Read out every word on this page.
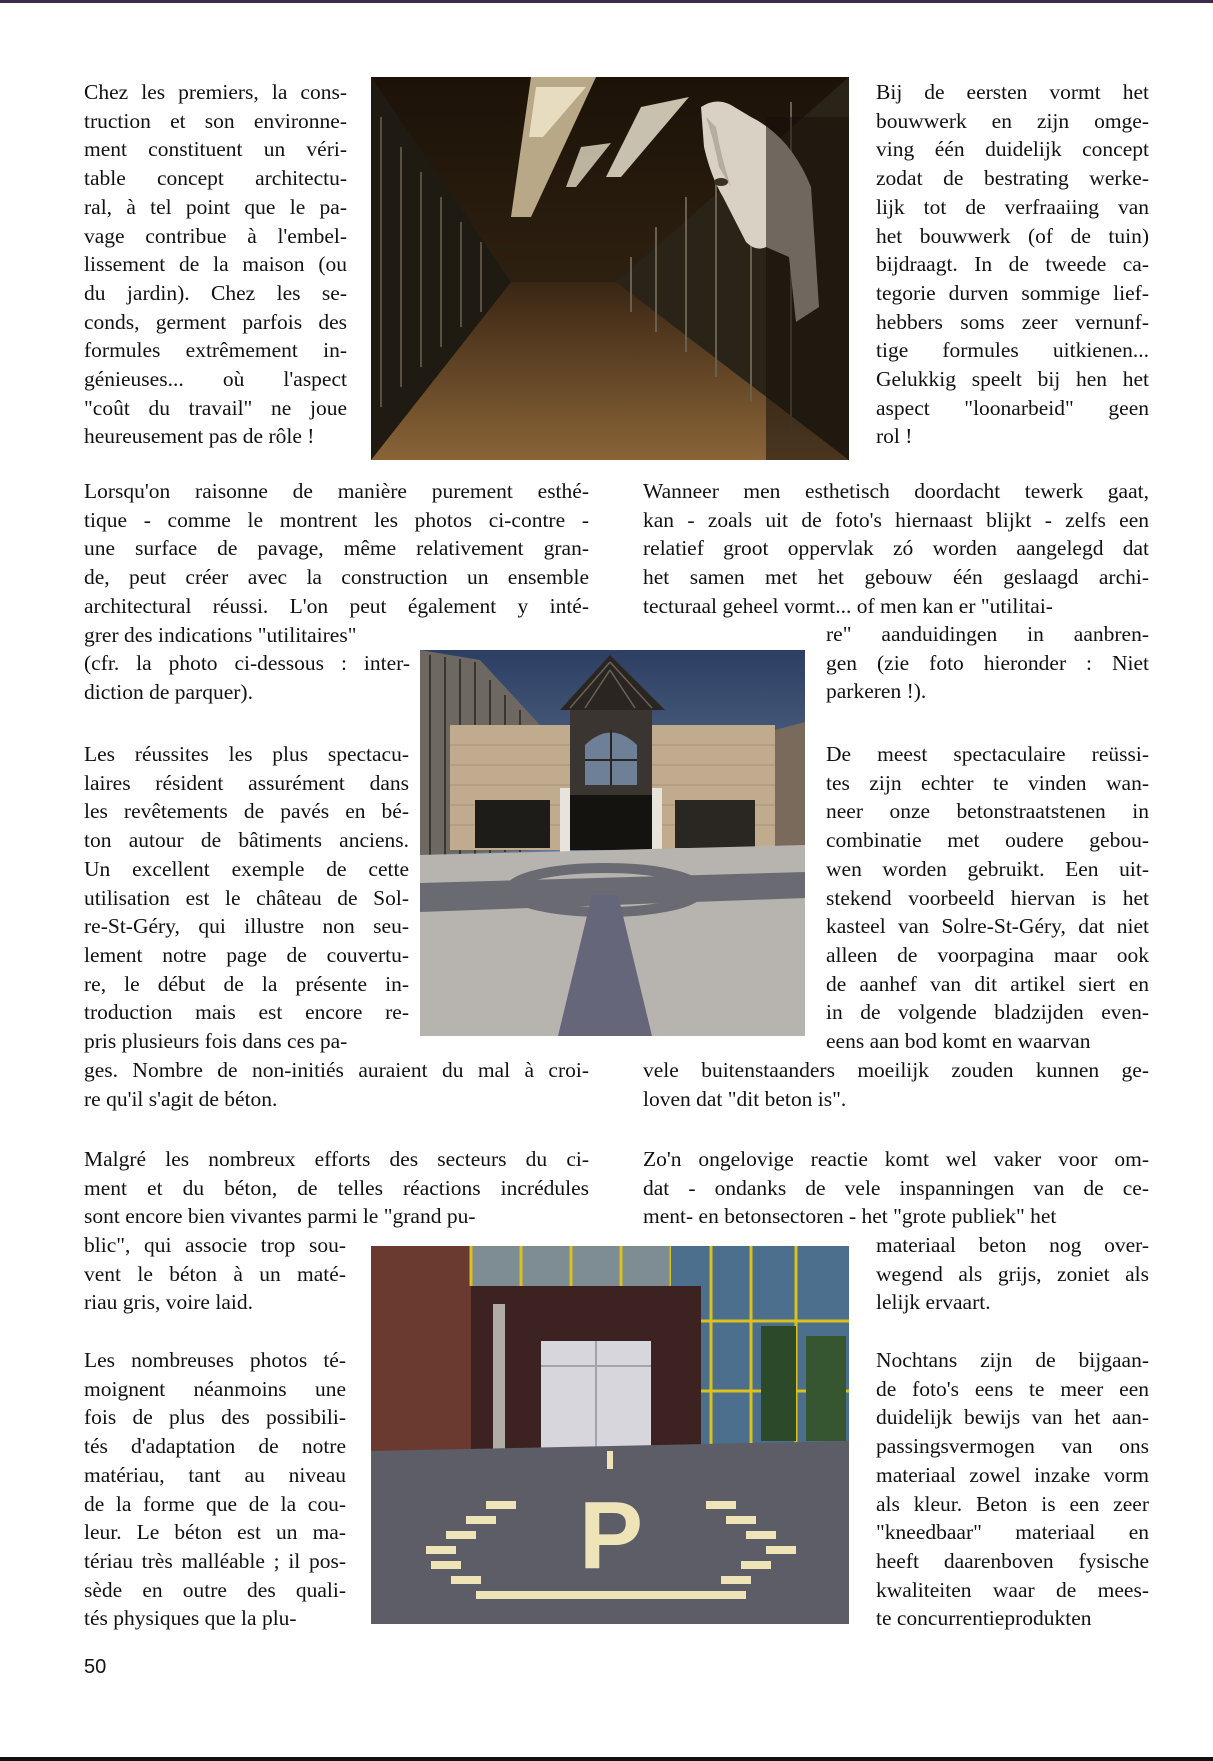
Chez les premiers, la cons-

truction et son environne-

ment constituent un véri-

table concept architectu-

ral, à tel point que le pa-

vage contribue à l'embel-

lissement de la maison (ou

du jardin). Chez les se-

conds, germent parfois des

formules extrêmement in-

génieuses... où l'aspect

"coût du travail" ne joue

heureusement pas de rôle !

Bij de eersten vormt het

bouwwerk en zijn omge-

ving één duidelijk concept

zodat de bestrating werke-

lijk tot de verfraaiing van

het bouwwerk (of de tuin)

bijdraagt. In de tweede ca-

tegorie durven sommige lief-

hebbers soms zeer vernunf-

tige formules uitkienen...

Gelukkig speelt bij hen het

aspect "loonarbeid" geen

rol !

Lorsqu'on raisonne de manière purement esthé-

tique - comme le montrent les photos ci-contre -

une surface de pavage, même relativement gran-

de, peut créer avec la construction un ensemble

architectural réussi. L'on peut également y inté-

grer des indications "utilitaires"

(cfr. la photo ci-dessous : inter-

diction de parquer).

Wanneer men esthetisch doordacht tewerk gaat,

kan - zoals uit de foto's hiernaast blijkt - zelfs een

relatief groot oppervlak zó worden aangelegd dat

het samen met het gebouw één geslaagd archi-

tecturaal geheel vormt... of men kan er "utilitai-

re" aanduidingen in aanbren-

gen (zie foto hieronder : Niet

parkeren !).

Les réussites les plus spectacu-

laires résident assurément dans

les revêtements de pavés en bé-

ton autour de bâtiments anciens.

Un excellent exemple de cette

utilisation est le château de Sol-

re-St-Géry, qui illustre non seu-

lement notre page de couvertu-

re, le début de la présente in-

troduction mais est encore re-

pris plusieurs fois dans ces pa-

ges. Nombre de non-initiés auraient du mal à croi-

re qu'il s'agit de béton.

De meest spectaculaire reüssi-

tes zijn echter te vinden wan-

neer onze betonstraatstenen in

combinatie met oudere gebou-

wen worden gebruikt. Een uit-

stekend voorbeeld hiervan is het

kasteel van Solre-St-Géry, dat niet

alleen de voorpagina maar ook

de aanhef van dit artikel siert en

in de volgende bladzijden even-

eens aan bod komt en waarvan

vele buitenstaanders moeilijk zouden kunnen ge-

loven dat "dit beton is".

Malgré les nombreux efforts des secteurs du ci-

ment et du béton, de telles réactions incrédules

sont encore bien vivantes parmi le "grand pu-

blic", qui associe trop sou-

vent le béton à un maté-

riau gris, voire laid.

Zo'n ongelovige reactie komt wel vaker voor om-

dat - ondanks de vele inspanningen van de ce-

ment- en betonsectoren - het "grote publiek" het

materiaal beton nog over-

wegend als grijs, zoniet als

lelijk ervaart.

P

Les nombreuses photos té-

moignent néanmoins une

fois de plus des possibili-

tés d'adaptation de notre

matériau, tant au niveau

de la forme que de la cou-

leur. Le béton est un ma-

tériau très malléable ; il pos-

sède en outre des quali-

tés physiques que la plu-

Nochtans zijn de bijgaan-

de foto's eens te meer een

duidelijk bewijs van het aan-

passingsvermogen van ons

materiaal zowel inzake vorm

als kleur. Beton is een zeer

"kneedbaar" materiaal en

heeft daarenboven fysische

kwaliteiten waar de mees-

te concurrentieprodukten

50
